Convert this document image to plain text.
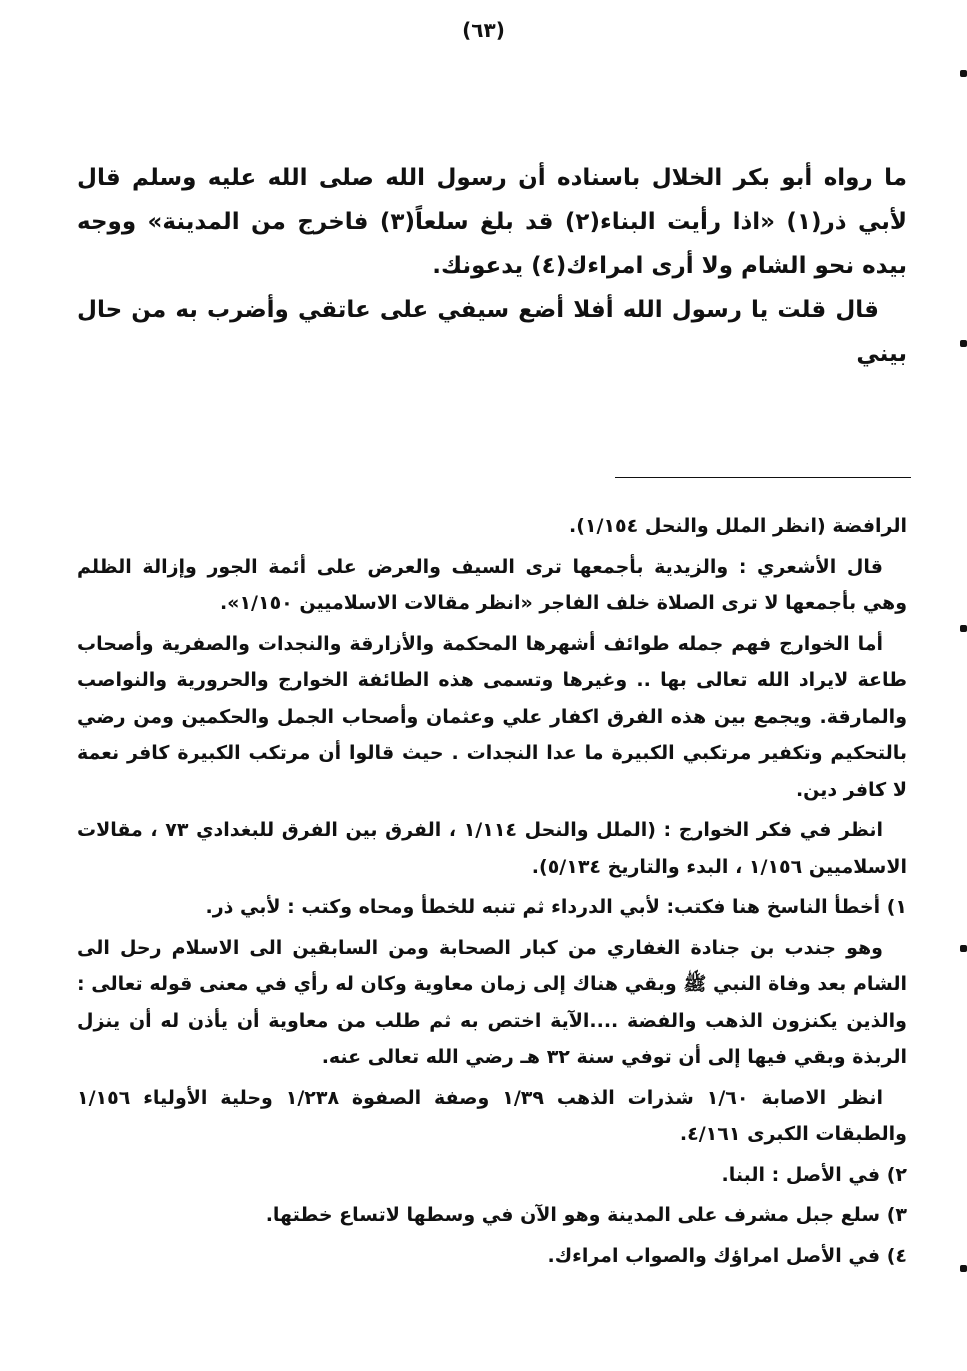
(٦٣)

ما رواه أبو بكر الخلال باسناده أن رسول الله صلى الله عليه وسلم قال لأبي ذر(١) «اذا رأيت البناء(٢) قد بلغ سلعاً(٣) فاخرج من المدينة» ووجه بيده نحو الشام ولا أرى امراءك(٤) يدعونك.

قال قلت يا رسول الله أفلا أضع سيفي على عاتقي وأضرب به من حال بيني

الرافضة (انظر الملل والنحل ١/١٥٤).

قال الأشعري : والزيدية بأجمعها ترى السيف والعرض على أئمة الجور وإزالة الظلم وهي بأجمعها لا ترى الصلاة خلف الفاجر «انظر مقالات الاسلاميين ١/١٥٠».

أما الخوارج فهم جمله طوائف أشهرها المحكمة والأزارقة والنجدات والصفرية وأصحاب طاعة لايراد الله تعالى بها .. وغيرها وتسمى هذه الطائفة الخوارج والحرورية والنواصب والمارقة. ويجمع بين هذه الفرق اكفار علي وعثمان وأصحاب الجمل والحكمين ومن رضي بالتحكيم وتكفير مرتكبي الكبيرة ما عدا النجدات . حيث قالوا أن مرتكب الكبيرة كافر نعمة لا كافر دين.

انظر في فكر الخوارج : (الملل والنحل ١/١١٤ ، الفرق بين الفرق للبغدادي ٧٣ ، مقالات الاسلاميين ١/١٥٦ ، البدء والتاريخ ٥/١٣٤).

١) أخطأ الناسخ هنا فكتب: لأبي الدرداء ثم تنبه للخطأ ومحاه وكتب : لأبي ذر.

وهو جندب بن جنادة الغفاري من كبار الصحابة ومن السابقين الى الاسلام رحل الى الشام بعد وفاة النبي ﷺ وبقي هناك إلى زمان معاوية وكان له رأي في معنى قوله تعالى : والذين يكنزون الذهب والفضة ....الآية اختص به ثم طلب من معاوية أن يأذن له أن ينزل الربذة وبقي فيها إلى أن توفي سنة ٣٢ هـ رضي الله تعالى عنه.

انظر الاصابة ١/٦٠ شذرات الذهب ١/٣٩ وصفة الصفوة ١/٢٣٨ وحلية الأولياء ١/١٥٦ والطبقات الكبرى ٤/١٦١.

٢) في الأصل : البنا.

٣) سلع جبل مشرف على المدينة وهو الآن في وسطها لاتساع خطتها.

٤) في الأصل امراؤك والصواب امراءك.
